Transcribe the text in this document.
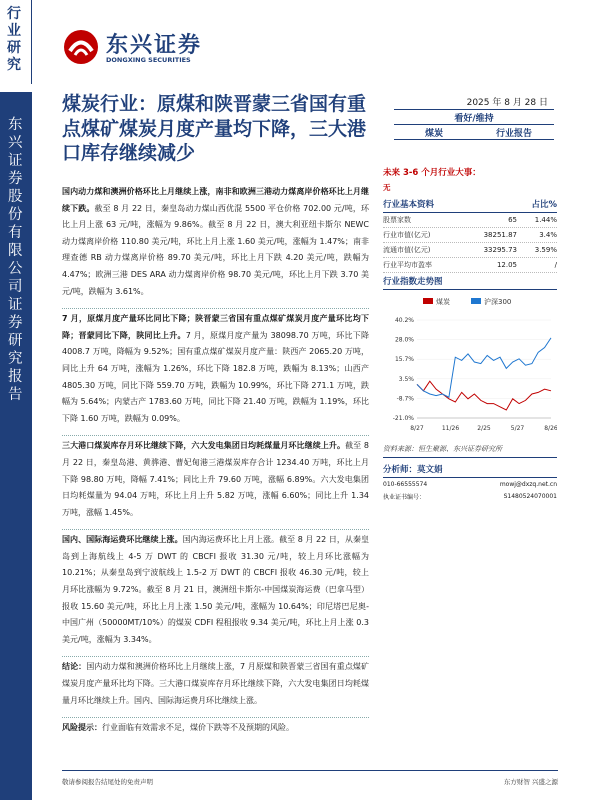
行业研究
东兴证券股份有限公司证券研究报告
东兴证券
DONGXING SECURITIES
煤炭行业：原煤和陕晋蒙三省国有重点煤矿煤炭月度产量均下降，三大港口库存继续减少
2025 年 8 月 28 日
看好/维持
煤炭	行业报告
国内动力煤和澳洲价格环比上月继续上涨，南非和欧洲三港动力煤离岸价格环比上月继续下跌。截至 8 月 22 日，秦皇岛动力煤山西优混 5500 平仓价格 702.00 元/吨，环比上月上涨 63 元/吨，涨幅为 9.86%。截至 8 月 22 日，澳大利亚纽卡斯尔 NEWC 动力煤离岸价格 110.80 美元/吨，环比上月上涨 1.60 美元/吨，涨幅为 1.47%；南非理查德 RB 动力煤离岸价格 89.70 美元/吨，环比上月下跌 4.20 美元/吨，跌幅为 4.47%；欧洲三港 DES ARA 动力煤离岸价格 98.70 美元/吨，环比上月下跌 3.70 美元/吨，跌幅为 3.61%。
7 月，原煤月度产量环比同比下降；陕晋蒙三省国有重点煤矿煤炭月度产量环比均下降；晋蒙同比下降，陕同比上升。7 月，原煤月度产量为 38098.70 万吨，环比下降 4008.7 万吨，降幅为 9.52%；国有重点煤矿煤炭月度产量：陕西产 2065.20 万吨，同比上升 64 万吨，涨幅为 1.26%，环比下降 182.8 万吨，跌幅为 8.13%；山西产 4805.30 万吨，同比下降 559.70 万吨，跌幅为 10.99%，环比下降 271.1 万吨，跌幅为 5.64%；内蒙古产 1783.60 万吨，同比下降 21.40 万吨，跌幅为 1.19%，环比下降 1.60 万吨，跌幅为 0.09%。
三大港口煤炭库存月环比继续下降，六大发电集团日均耗煤量月环比继续上升。截至 8 月 22 日，秦皇岛港、黄骅港、曹妃甸港三港煤炭库存合计 1234.40 万吨，环比上月下降 98.80 万吨，降幅 7.41%；同比上升 79.60 万吨，涨幅 6.89%。六大发电集团日均耗煤量为 94.04 万吨，环比上月上升 5.82 万吨，涨幅 6.60%；同比上升 1.34 万吨，涨幅 1.45%。
国内、国际海运费环比继续上涨。国内海运费环比上月上涨。截至 8 月 22 日，从秦皇岛到上海航线上 4-5 万 DWT 的 CBCFI 报收 31.30 元/吨，较上月环比涨幅为 10.21%；从秦皇岛到宁波航线上 1.5-2 万 DWT 的 CBCFI 报收 46.30 元/吨，较上月环比涨幅为 9.72%。截至 8 月 21 日，澳洲纽卡斯尔-中国煤炭海运费（巴拿马型）报收 15.60 美元/吨，环比上月上涨 1.50 美元/吨，涨幅为 10.64%；印尼塔巴尼奥-中国广州（50000MT/10%）的煤炭 CDFI 程租报收 9.34 美元/吨，环比上月上涨 0.3 美元/吨，涨幅为 3.34%。
结论：国内动力煤和澳洲价格环比上月继续上涨，7 月原煤和陕晋蒙三省国有重点煤矿煤炭月度产量环比均下降。三大港口煤炭库存月环比继续下降，六大发电集团日均耗煤量月环比继续上升。国内、国际海运费月环比继续上涨。
风险提示：行业面临有效需求不足，煤价下跌等不及预期的风险。
未来 3-6 个月行业大事：
无
行业基本资料	占比%
股票家数	65	1.44%
行业市值(亿元)	38251.87	3.4%
流通市值(亿元)	33295.73	3.59%
行业平均市盈率	12.05	/
行业指数走势图
煤炭	沪深300
40.2%
28.0%
15.7%
3.5%
-8.7%
-21.0%
8/27	11/26	2/25	5/27	8/26
资料来源：恒生聚源、东兴证券研究所
分析师：莫文娟
010-66555574	mowj@dxzq.net.cn
执业证书编号：	S1480524070001
敬请参阅报告结尾处的免责声明	东方财智 兴盛之源
